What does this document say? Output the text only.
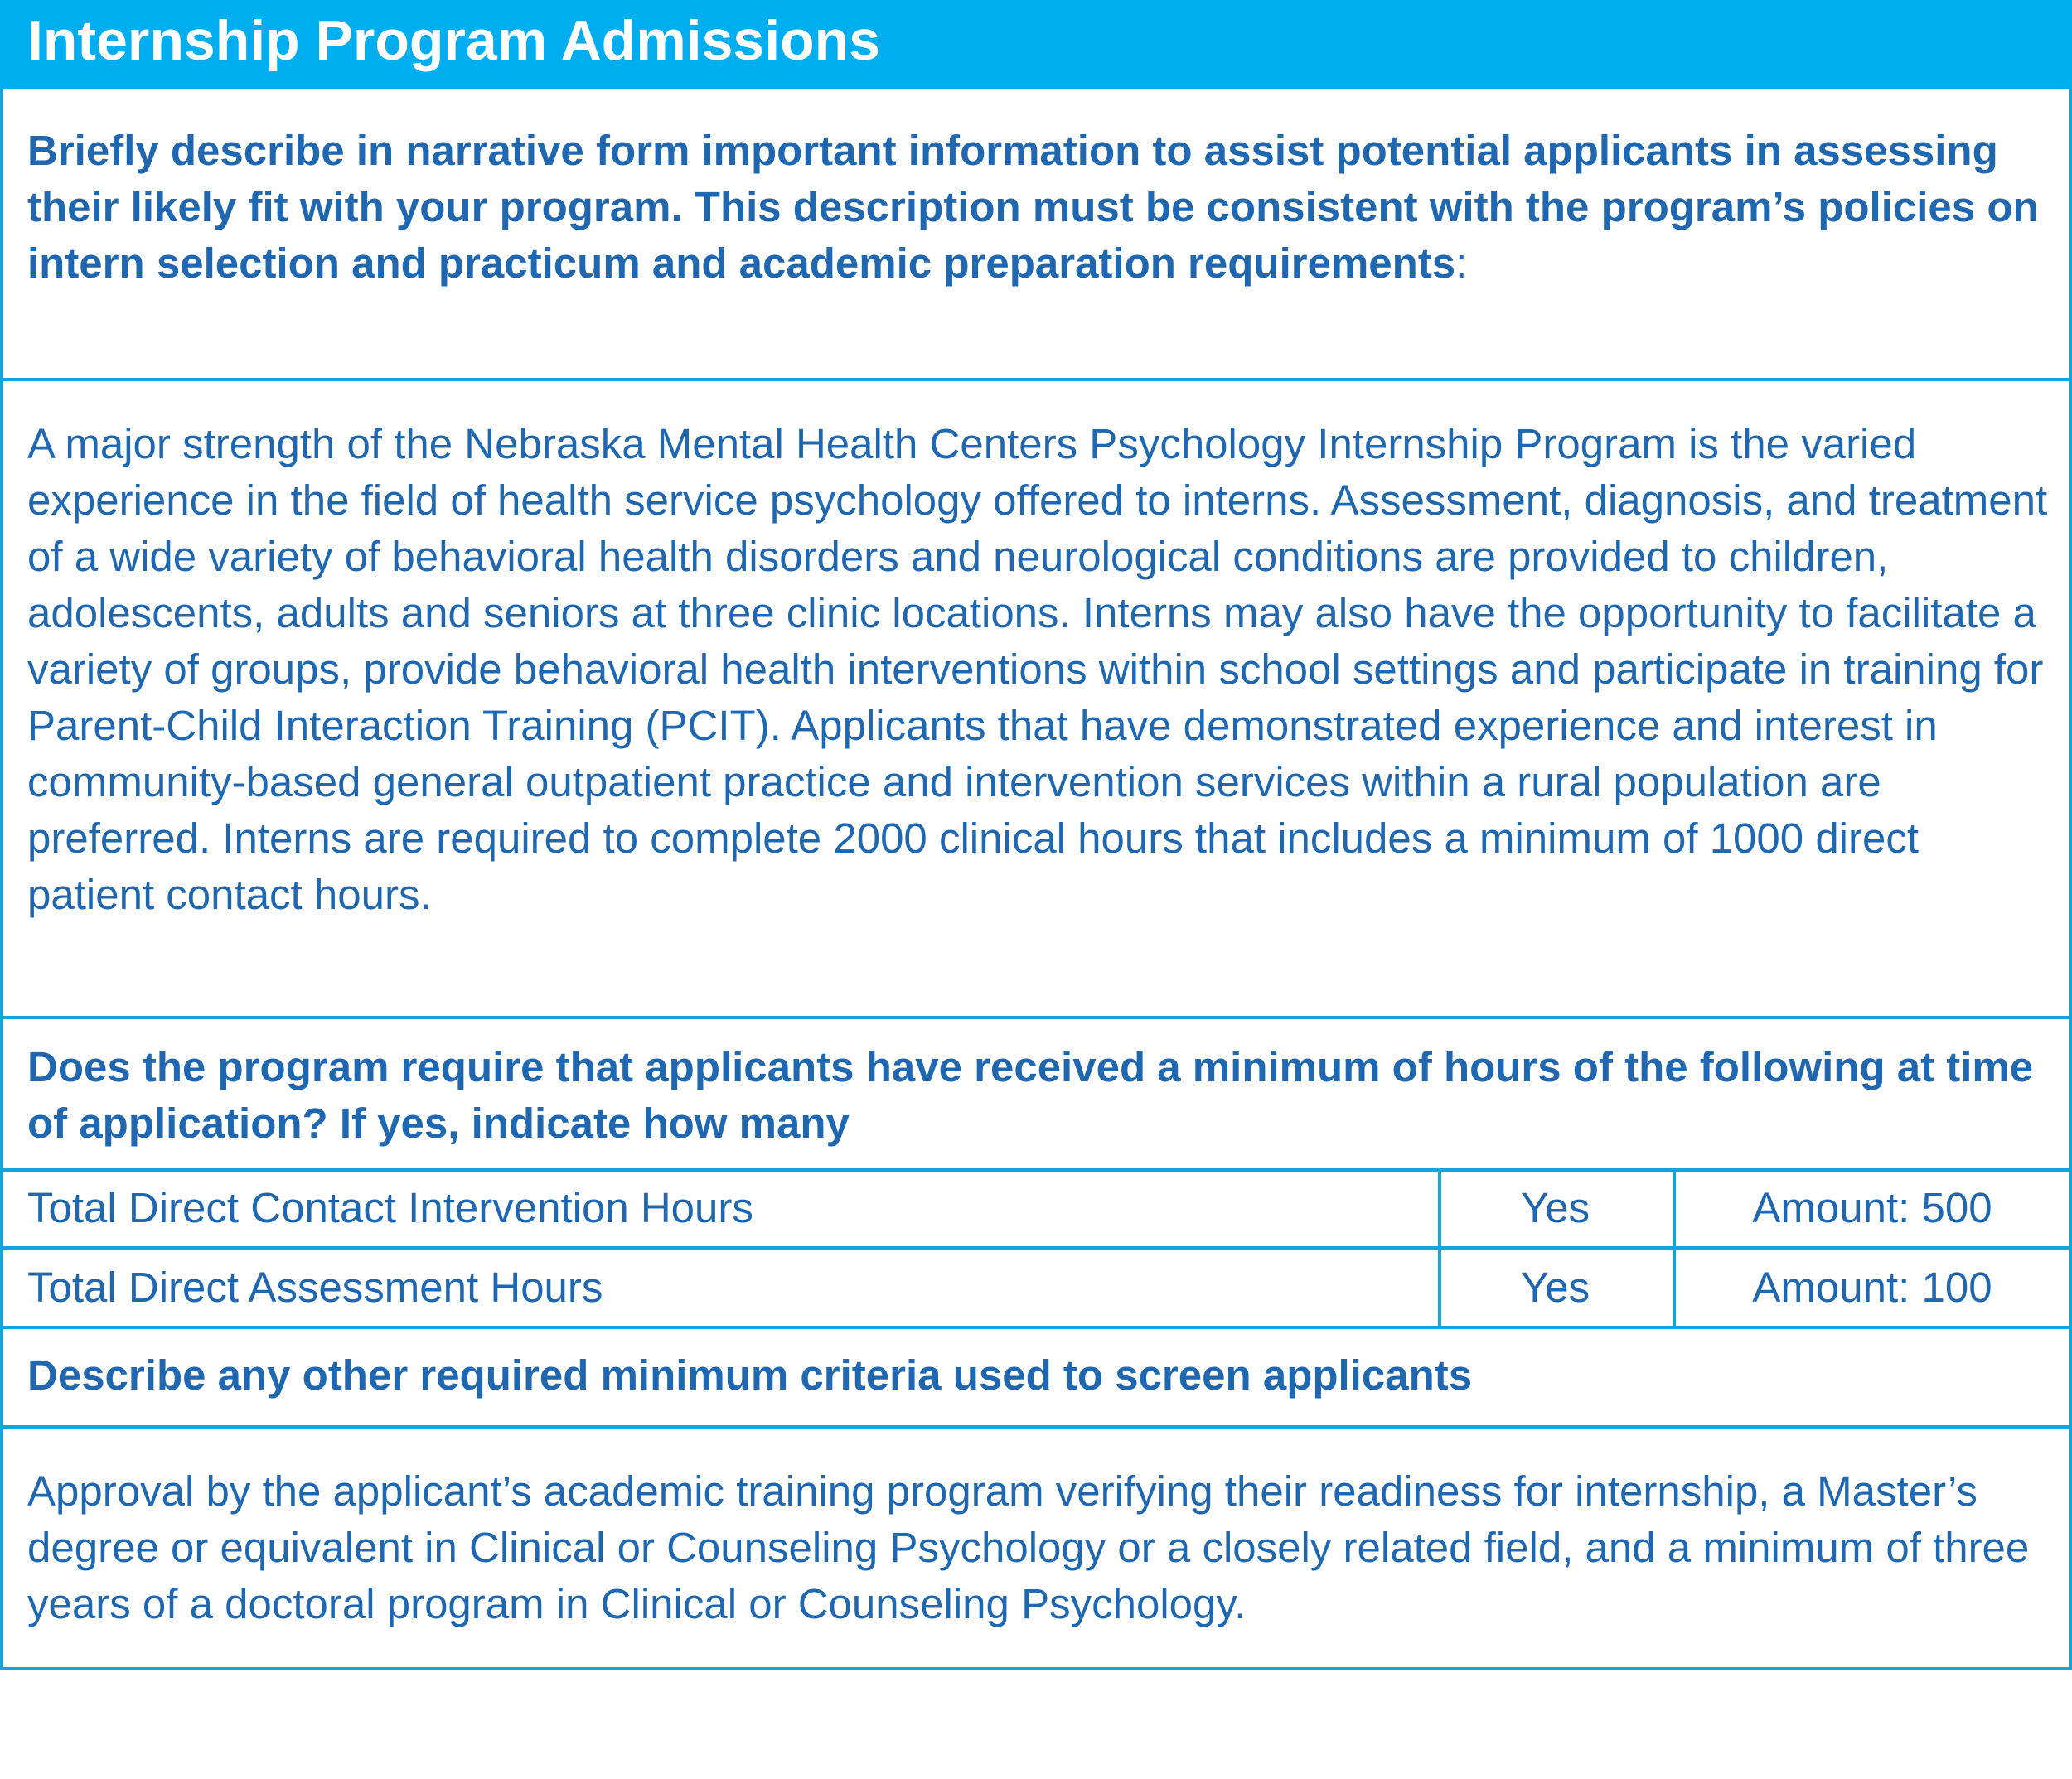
Internship Program Admissions
Briefly describe in narrative form important information to assist potential applicants in assessing their likely fit with your program. This description must be consistent with the program’s policies on intern selection and practicum and academic preparation requirements:
A major strength of the Nebraska Mental Health Centers Psychology Internship Program is the varied experience in the field of health service psychology offered to interns. Assessment, diagnosis, and treatment of a wide variety of behavioral health disorders and neurological conditions are provided to children, adolescents, adults and seniors at three clinic locations. Interns may also have the opportunity to facilitate a variety of groups, provide behavioral health interventions within school settings and participate in training for Parent-Child Interaction Training (PCIT). Applicants that have demonstrated experience and interest in community-based general outpatient practice and intervention services within a rural population are preferred. Interns are required to complete 2000 clinical hours that includes a minimum of 1000 direct patient contact hours.
Does the program require that applicants have received a minimum of hours of the following at time of application? If yes, indicate how many
Total Direct Contact Intervention Hours	Yes	Amount: 500
Total Direct Assessment Hours	Yes	Amount: 100
Describe any other required minimum criteria used to screen applicants
Approval by the applicant’s academic training program verifying their readiness for internship, a Master’s degree or equivalent in Clinical or Counseling Psychology or a closely related field, and a minimum of three years of a doctoral program in Clinical or Counseling Psychology.
